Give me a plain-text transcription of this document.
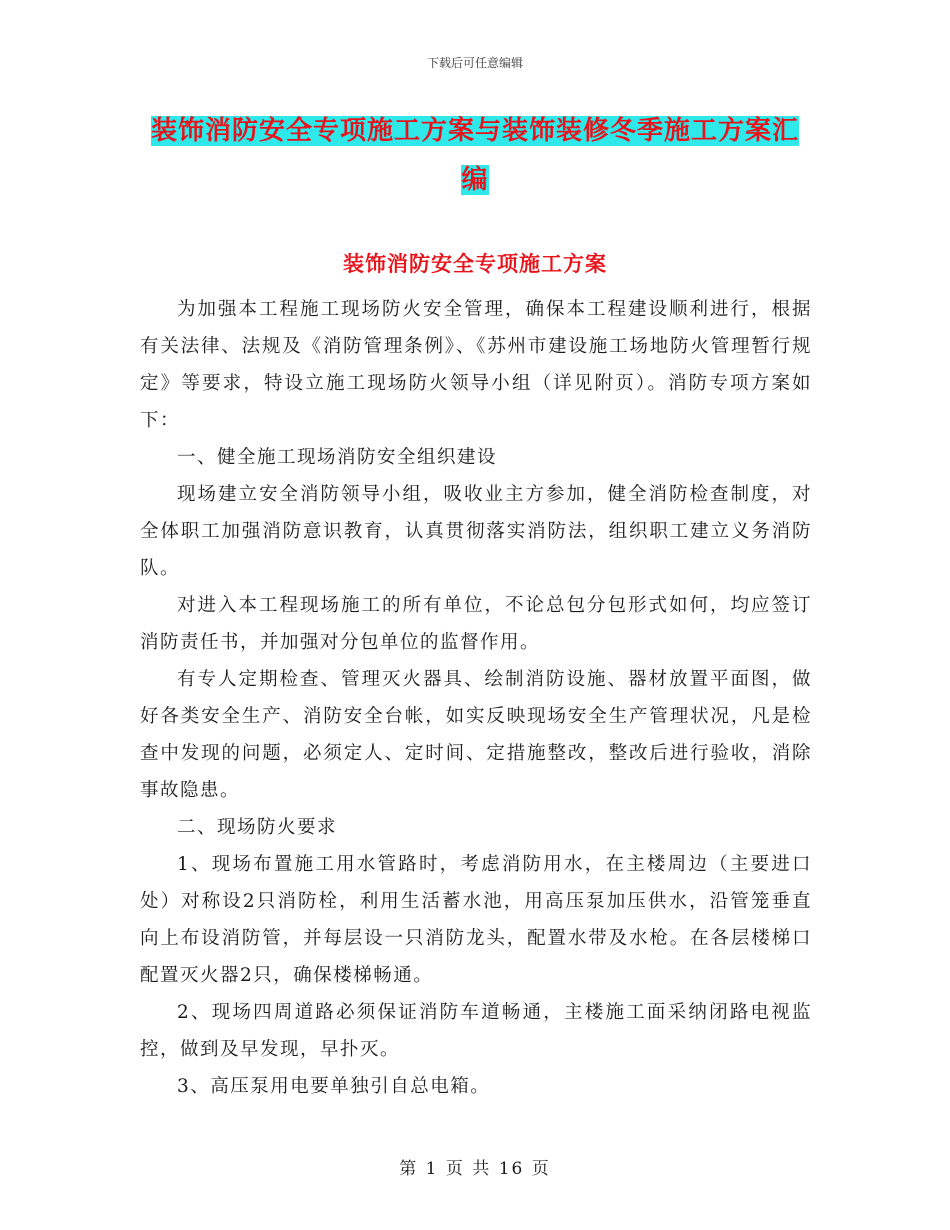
下载后可任意编辑
装饰消防安全专项施工方案与装饰装修冬季施工方案汇编
装饰消防安全专项施工方案

为加强本工程施工现场防火安全管理，确保本工程建设顺利进行，根据有关法律、法规及《消防管理条例》、《苏州市建设施工场地防火管理暂行规定》等要求，特设立施工现场防火领导小组（详见附页）。消防专项方案如下：

一、健全施工现场消防安全组织建设

现场建立安全消防领导小组，吸收业主方参加，健全消防检查制度，对全体职工加强消防意识教育，认真贯彻落实消防法，组织职工建立义务消防队。

对进入本工程现场施工的所有单位，不论总包分包形式如何，均应签订消防责任书，并加强对分包单位的监督作用。

有专人定期检查、管理灭火器具、绘制消防设施、器材放置平面图，做好各类安全生产、消防安全台帐，如实反映现场安全生产管理状况，凡是检查中发现的问题，必须定人、定时间、定措施整改，整改后进行验收，消除事故隐患。

二、现场防火要求

1、现场布置施工用水管路时，考虑消防用水，在主楼周边（主要进口处）对称设2只消防栓，利用生活蓄水池，用高压泵加压供水，沿管笼垂直向上布设消防管，并每层设一只消防龙头，配置水带及水枪。在各层楼梯口配置灭火器2只，确保楼梯畅通。

2、现场四周道路必须保证消防车道畅通，主楼施工面采纳闭路电视监控，做到及早发现，早扑灭。

3、高压泵用电要单独引自总电箱。

第 1 页 共 16 页
